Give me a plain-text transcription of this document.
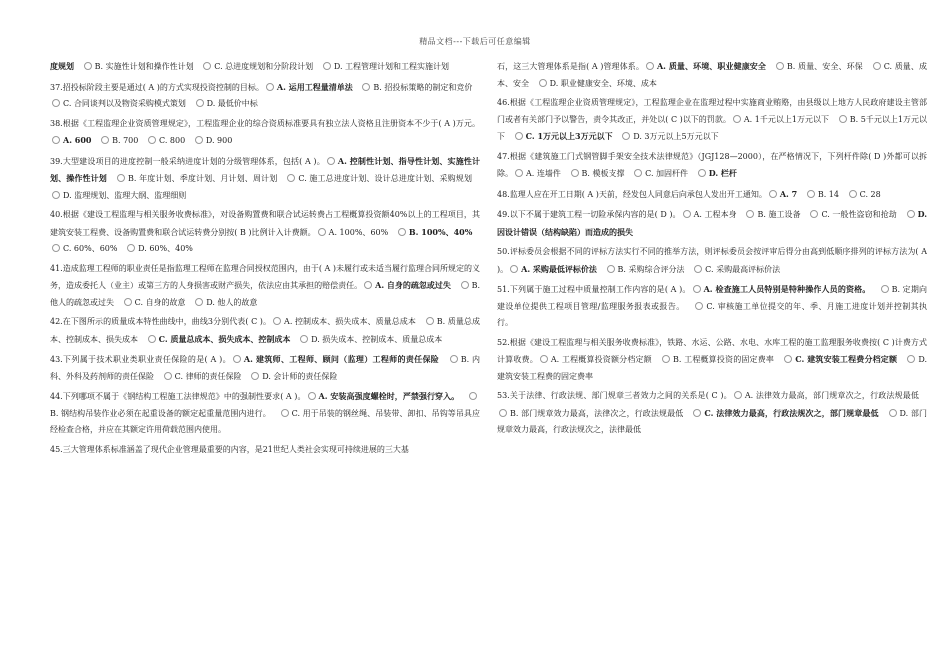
精品文档---下载后可任意编辑
度规划	B. 实施性计划和操作性计划	C. 总进度规划和分阶段计划	D. 工程管理计划和工程实施计划
37.招投标阶段主要是通过( A )的方式实现投资控制的目标。 A. 运用工程量清单法	B. 招投标策略的制定和竞价   C. 合同谈判以及物资采购模式策划	D. 最低价中标
38.根据《工程监理企业资质管理规定》，工程监理企业的综合资质标准要具有独立法人资格且注册资本不少于( A )万元。A. 600	B. 700	C. 800	D. 900
39.大型建设项目的进度控制一般采纳进度计划的分级管理体系，包括( A )。 A. 控制性计划、指导性计划、实施性计划、操作性计划	B. 年度计划、季度计划、月计划、周计划	C. 施工总进度计划、设计总进度计划、采购规划   D. 监理规划、监理大纲、监理细则
40.根据《建设工程监理与相关服务收费标准》，对设备购置费和联合试运转费占工程概算投资额40%以上的工程项目，其建筑安装工程费、设备购置费和联合试运转费分别按( B )比例计入计费额。 A. 100%、60%	B. 100%、40%   C. 60%、60%	D. 60%、40%
41.造成监理工程师的职业责任是指监理工程师在监理合同授权范围内，由于( A )未履行或未适当履行监理合同所规定的义务，造成委托人（业主）或第三方的人身损害或财产损失，依法应由其承担的赔偿责任。 A. 自身的疏忽或过失	B. 他人的疏忽或过失	C. 自身的故意	D. 他人的故意
42.在下图所示的质量成本特性曲线中，曲线3分别代表( C )。 A. 控制成本、损失成本、质量总成本	B. 质量总成本、控制成本、损失成本	C. 质量总成本、损失成本、控制成本	D. 损失成本、控制成本、质量总成本
43.下列属于技术职业类职业责任保险的是( A )。 A. 建筑师、工程师、顾问（监理）工程师的责任保险	B. 内科、外科及药剂师的责任保险	C. 律师的责任保险	D. 会计师的责任保险
44.下列哪项不属于《钢结构工程施工法律规范》中的强制性要求( A )。 A. 安装高强度螺栓时，严禁强行穿入。   B. 钢结构吊装作业必须在起重设备的额定起重量范围内进行。	C. 用于吊装的钢丝绳、吊装带、卸扣、吊钩等吊具应经检查合格，并应在其额定许用荷载范围内使用。
45.三大管理体系标准涵盖了现代企业管理最重要的内容，是21世纪人类社会实现可持续进展的三大基
石，这三大管理体系是指( A )管理体系。 A. 质量、环境、职业健康安全	B. 质量、安全、环保	C. 质量、成本、安全	D. 职业健康安全、环境、成本
46.根据《工程监理企业资质管理规定》，工程监理企业在监理过程中实施商业贿赂，由县级以上地方人民政府建设主管部门或者有关部门予以警告，责令其改正，并处以( C )以下的罚款。 A. 1千元以上1万元以下	B. 5千元以上1万元以下	C. 1万元以上3万元以下	D. 3万元以上5万元以下
47.根据《建筑施工门式钢管脚手架安全技术法律规范》（JGJ128—2000），在严格情况下，下列杆件除( D )外都可以拆除。 A. 连墙件	B. 模板支撑	C. 加固杆件	D. 栏杆
48.监理人应在开工日期( A )天前，经发包人同意后向承包人发出开工通知。 A. 7	B. 14	C. 28
49.以下不属于建筑工程一切险承保内容的是( D )。 A. 工程本身	B. 施工设备	C. 一般性盗窃和抢劫	D. 因设计错误（结构缺陷）而造成的损失
50.评标委员会根据不同的评标方法实行不同的推举方法，则评标委员会按评审后得分由高到低顺序排列的评标方法为( A )。 A. 采购最低评标价法	B. 采购综合评分法	C. 采购最高评标价法
51.下列属于施工过程中质量控制工作内容的是( A )。 A. 检查施工人员特别是特种操作人员的资格。	B. 定期向建设单位提供工程项目管理/监理服务报表或报告。	C. 审核施工单位提交的年、季、月施工进度计划并控制其执行。
52.根据《建设工程监理与相关服务收费标准》，铁路、水运、公路、水电、水库工程的施工监理服务收费按( C )计费方式计算收费。 A. 工程概算投资额分档定额	B. 工程概算投资的固定费率	C. 建筑安装工程费分档定额	D. 建筑安装工程费的固定费率
53.关于法律、行政法规、部门规章三者效力之间的关系是( C )。 A. 法律效力最高，部门规章次之，行政法规最低   B. 部门规章效力最高，法律次之，行政法规最低	C. 法律效力最高，行政法规次之，部门规章最低	D. 部门规章效力最高，行政法规次之，法律最低
